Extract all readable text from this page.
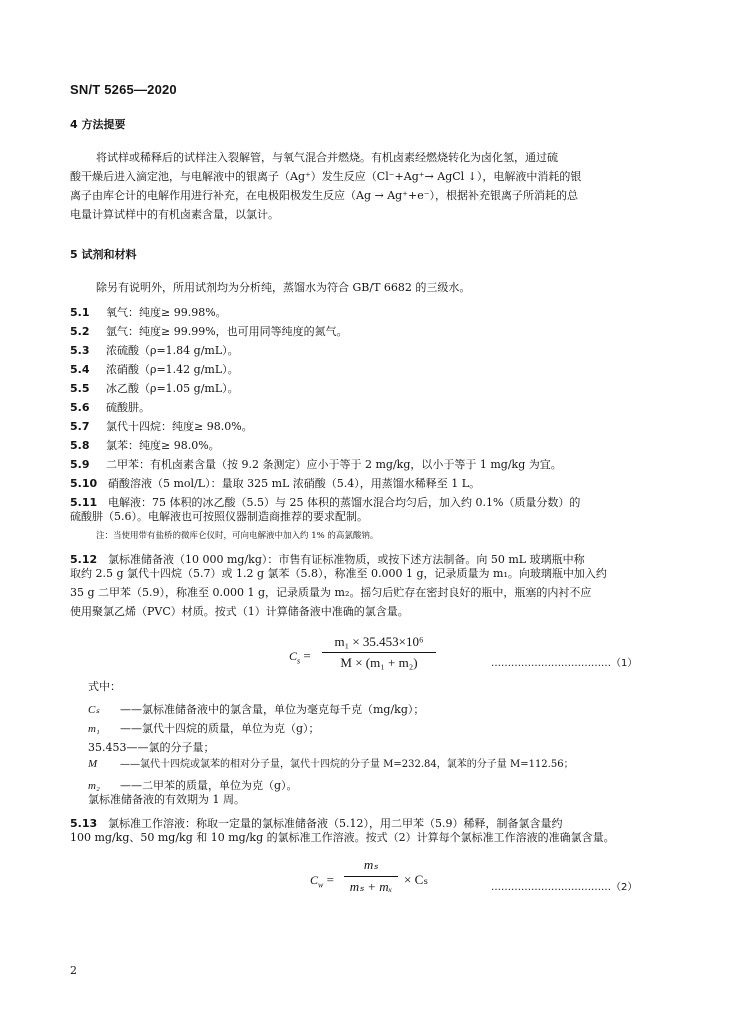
SN/T 5265—2020
4 方法提要
将试样或稀释后的试样注入裂解管，与氧气混合并燃烧。有机卤素经燃烧转化为卤化氢，通过硫
酸干燥后进入滴定池，与电解液中的银离子（Ag⁺）发生反应（Cl⁻+Ag⁺→ AgCl ↓），电解液中消耗的银
离子由库仑计的电解作用进行补充，在电极阳极发生反应（Ag → Ag⁺+e⁻），根据补充银离子所消耗的总
电量计算试样中的有机卤素含量，以氯计。
5 试剂和材料
除另有说明外，所用试剂均为分析纯，蒸馏水为符合 GB/T 6682 的三级水。
5.1 氧气：纯度≥ 99.98%。
5.2 氩气：纯度≥ 99.99%，也可用同等纯度的氮气。
5.3 浓硫酸（ρ=1.84 g/mL）。
5.4 浓硝酸（ρ=1.42 g/mL）。
5.5 冰乙酸（ρ=1.05 g/mL）。
5.6 硫酸肼。
5.7 氯代十四烷：纯度≥ 98.0%。
5.8 氯苯：纯度≥ 98.0%。
5.9 二甲苯：有机卤素含量（按 9.2 条测定）应小于等于 2 mg/kg，以小于等于 1 mg/kg 为宜。
5.10 硝酸溶液（5 mol/L）：量取 325 mL 浓硝酸（5.4），用蒸馏水稀释至 1 L。
5.11 电解液：75 体积的冰乙酸（5.5）与 25 体积的蒸馏水混合均匀后，加入约 0.1%（质量分数）的
硫酸肼（5.6）。电解液也可按照仪器制造商推荐的要求配制。
注：当使用带有盐桥的微库仑仪时，可向电解液中加入约 1% 的高氯酸钠。
5.12 氯标准储备液（10 000 mg/kg）：市售有证标准物质，或按下述方法制备。向 50 mL 玻璃瓶中称
取约 2.5 g 氯代十四烷（5.7）或 1.2 g 氯苯（5.8），称准至 0.000 1 g，记录质量为 m₁。向玻璃瓶中加入约
35 g 二甲苯（5.9），称准至 0.000 1 g，记录质量为 m₂。摇匀后贮存在密封良好的瓶中，瓶塞的内衬不应
使用聚氯乙烯（PVC）材质。按式（1）计算储备液中准确的氯含量。
$C_s$ =
m₁ × 35.453×10⁶
M × (m₁ + m₂)	………………………………（1）
式中：
Cₛ ——氯标准储备液中的氯含量，单位为毫克每千克（mg/kg）；
m₁ ——氯代十四烷的质量，单位为克（g）；
35.453——氯的分子量；
M ——氯代十四烷或氯苯的相对分子量，氯代十四烷的分子量 M=232.84，氯苯的分子量 M=112.56；
m₂ ——二甲苯的质量，单位为克（g）。
氯标准储备液的有效期为 1 周。
5.13 氯标准工作溶液：称取一定量的氯标准储备液（5.12），用二甲苯（5.9）稀释，制备氯含量约
100 mg/kg、50 mg/kg 和 10 mg/kg 的氯标准工作溶液。按式（2）计算每个氯标准工作溶液的准确氯含量。
$C_w$ =
mₛ
mₛ + mₓ × Cₛ
………………………………（2）
2
